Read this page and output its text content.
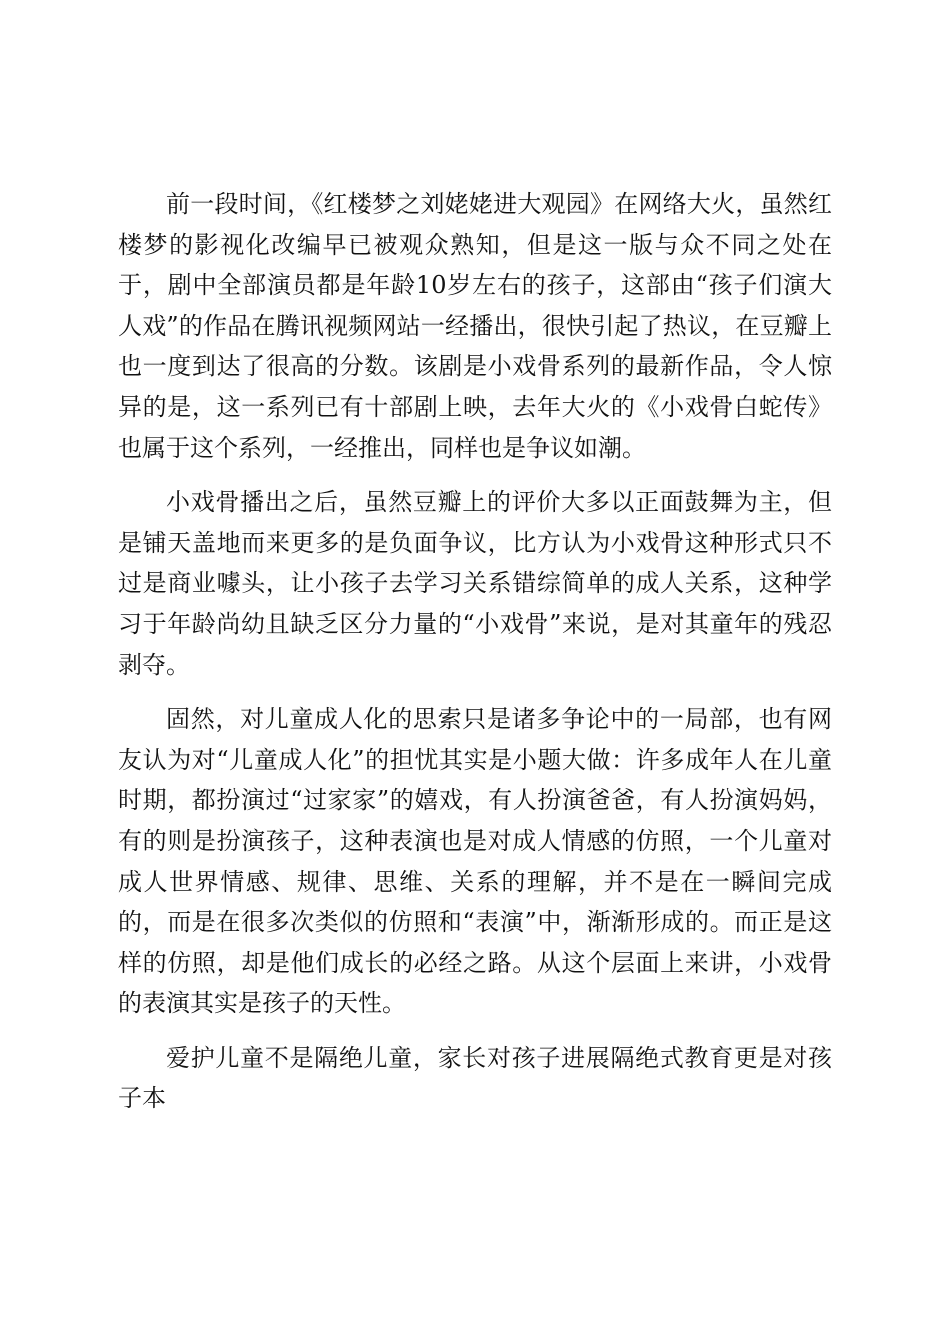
前一段时间，《红楼梦之刘姥姥进大观园》在网络大火，虽然红楼梦的影视化改编早已被观众熟知，但是这一版与众不同之处在于，剧中全部演员都是年龄10岁左右的孩子，这部由“孩子们演大人戏”的作品在腾讯视频网站一经播出，很快引起了热议，在豆瓣上也一度到达了很高的分数。该剧是小戏骨系列的最新作品，令人惊异的是，这一系列已有十部剧上映，去年大火的《小戏骨白蛇传》也属于这个系列，一经推出，同样也是争议如潮。

小戏骨播出之后，虽然豆瓣上的评价大多以正面鼓舞为主，但是铺天盖地而来更多的是负面争议，比方认为小戏骨这种形式只不过是商业噱头，让小孩子去学习关系错综简单的成人关系，这种学习于年龄尚幼且缺乏区分力量的“小戏骨”来说，是对其童年的残忍剥夺。

固然，对儿童成人化的思索只是诸多争论中的一局部，也有网友认为对“儿童成人化”的担忧其实是小题大做：许多成年人在儿童时期，都扮演过“过家家”的嬉戏，有人扮演爸爸，有人扮演妈妈，有的则是扮演孩子，这种表演也是对成人情感的仿照，一个儿童对成人世界情感、规律、思维、关系的理解，并不是在一瞬间完成的，而是在很多次类似的仿照和“表演”中，渐渐形成的。而正是这样的仿照，却是他们成长的必经之路。从这个层面上来讲，小戏骨的表演其实是孩子的天性。

爱护儿童不是隔绝儿童，家长对孩子进展隔绝式教育更是对孩子本
